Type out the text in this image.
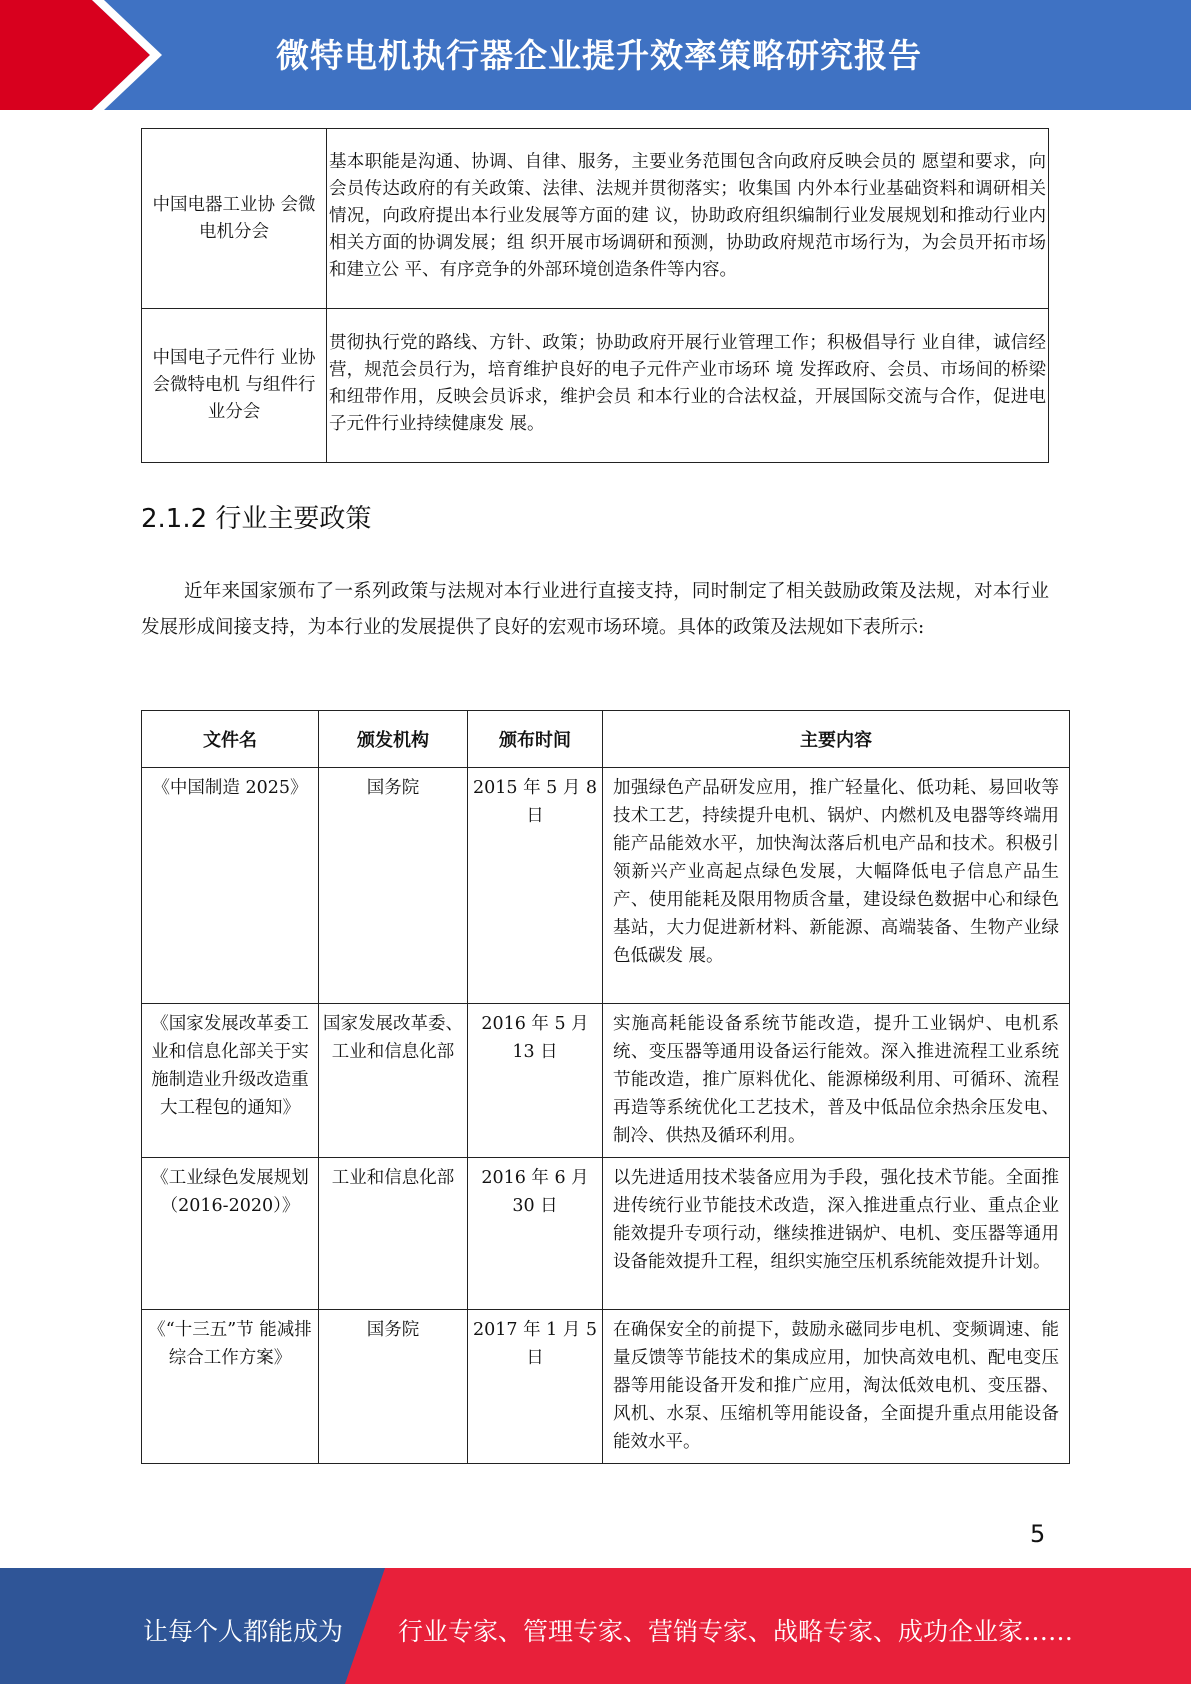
微特电机执行器企业提升效率策略研究报告
中国电器工业协 会微电机分会	基本职能是沟通、协调、自律、服务，主要业务范围包含向政府反映会员的 愿望和要求，向会员传达政府的有关政策、法律、法规并贯彻落实；收集国 内外本行业基础资料和调研相关情况，向政府提出本行业发展等方面的建 议，协助政府组织编制行业发展规划和推动行业内相关方面的协调发展；组 织开展市场调研和预测，协助政府规范市场行为，为会员开拓市场和建立公 平、有序竞争的外部环境创造条件等内容。
中国电子元件行 业协会微特电机 与组件行业分会	贯彻执行党的路线、方针、政策；协助政府开展行业管理工作；积极倡导行 业自律，诚信经营，规范会员行为，培育维护良好的电子元件产业市场环 境 发挥政府、会员、市场间的桥梁和纽带作用，反映会员诉求，维护会员 和本行业的合法权益，开展国际交流与合作，促进电子元件行业持续健康发 展。
2.1.2 行业主要政策

近年来国家颁布了一系列政策与法规对本行业进行直接支持，同时制定了相关鼓励政策及法规，对本行业发展形成间接支持，为本行业的发展提供了良好的宏观市场环境。具体的政策及法规如下表所示:

文件名	颁发机构	颁布时间	主要内容
《中国制造 2025》	国务院	2015 年 5 月 8 日	加强绿色产品研发应用，推广轻量化、低功耗、易回收等技术工艺，持续提升电机、锅炉、内燃机及电器等终端用能产品能效水平，加快淘汰落后机电产品和技术。积极引领新兴产业高起点绿色发展，大幅降低电子信息产品生产、使用能耗及限用物质含量，建设绿色数据中心和绿色基站，大力促进新材料、新能源、高端装备、生物产业绿色低碳发 展。
《国家发展改革委工业和信息化部关于实施制造业升级改造重大工程包的通知》	国家发展改革委、工业和信息化部	2016 年 5 月 13 日	实施高耗能设备系统节能改造，提升工业锅炉、电机系统、变压器等通用设备运行能效。深入推进流程工业系统节能改造，推广原料优化、能源梯级利用、可循环、流程再造等系统优化工艺技术，普及中低品位余热余压发电、制冷、供热及循环利用。
《工业绿色发展规划（2016-2020）》	工业和信息化部	2016 年 6 月 30 日	以先进适用技术装备应用为手段，强化技术节能。全面推进传统行业节能技术改造，深入推进重点行业、重点企业能效提升专项行动，继续推进锅炉、电机、变压器等通用设备能效提升工程，组织实施空压机系统能效提升计划。
《“十三五”节 能减排综合工作方案》	国务院	2017 年 1 月 5 日	在确保安全的前提下，鼓励永磁同步电机、变频调速、能量反馈等节能技术的集成应用，加快高效电机、配电变压器等用能设备开发和推广应用，淘汰低效电机、变压器、风机、水泵、压缩机等用能设备，全面提升重点用能设备能效水平。
5
让每个人都能成为 行业专家、管理专家、营销专家、战略专家、成功企业家……
